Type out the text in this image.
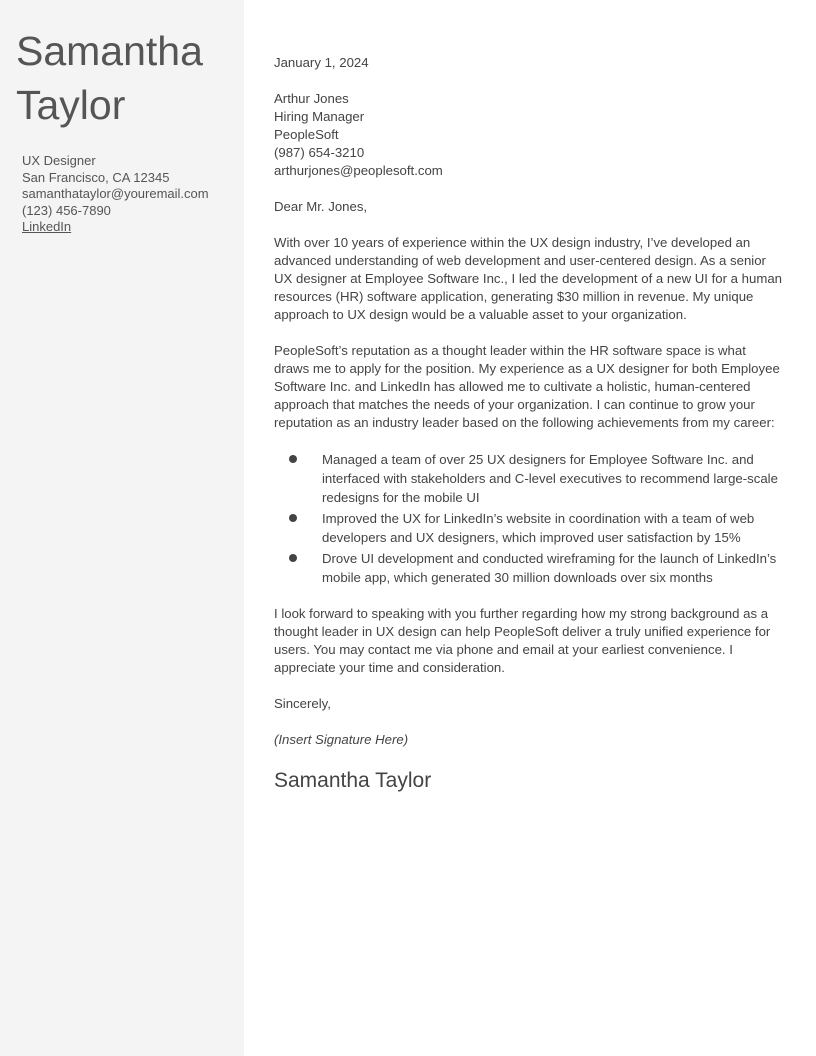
Samantha
Taylor
UX Designer
San Francisco, CA 12345
samanthataylor@youremail.com
(123) 456-7890
LinkedIn

January 1, 2024

Arthur Jones
Hiring Manager
PeopleSoft
(987) 654-3210
arthurjones@peoplesoft.com

Dear Mr. Jones,

With over 10 years of experience within the UX design industry, I’ve developed an advanced understanding of web development and user-centered design. As a senior UX designer at Employee Software Inc., I led the development of a new UI for a human resources (HR) software application, generating $30 million in revenue. My unique approach to UX design would be a valuable asset to your organization.

PeopleSoft’s reputation as a thought leader within the HR software space is what draws me to apply for the position. My experience as a UX designer for both Employee Software Inc. and LinkedIn has allowed me to cultivate a holistic, human-centered approach that matches the needs of your organization. I can continue to grow your reputation as an industry leader based on the following achievements from my career:

Managed a team of over 25 UX designers for Employee Software Inc. and interfaced with stakeholders and C-level executives to recommend large-scale redesigns for the mobile UI
Improved the UX for LinkedIn’s website in coordination with a team of web developers and UX designers, which improved user satisfaction by 15%
Drove UI development and conducted wireframing for the launch of LinkedIn’s mobile app, which generated 30 million downloads over six months

I look forward to speaking with you further regarding how my strong background as a thought leader in UX design can help PeopleSoft deliver a truly unified experience for users. You may contact me via phone and email at your earliest convenience. I appreciate your time and consideration.

Sincerely,

(Insert Signature Here)

Samantha Taylor
